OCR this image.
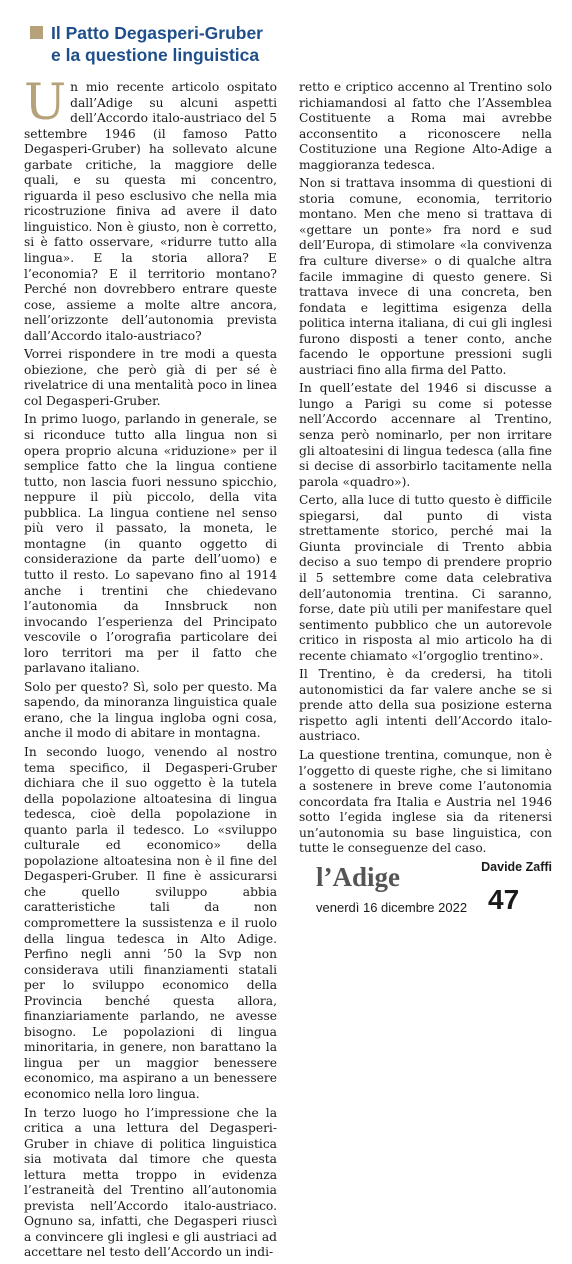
Il Patto Degasperi-Gruber
e la questione linguistica
U n mio recente articolo ospitato dall’Adige su alcuni aspetti dell’Accordo italo-austriaco del 5 settembre 1946 (il famoso Patto Degasperi-Gruber) ha sollevato alcune garbate critiche, la maggiore delle quali, e su questa mi concentro, riguarda il peso esclusivo che nella mia ricostruzione finiva ad avere il dato linguistico. Non è giusto, non è corretto, si è fatto osservare, «ridurre tutto alla lingua». E la storia allora? E l’economia? E il territorio montano? Perché non dovrebbero entrare queste cose, assieme a molte altre ancora, nell’orizzonte dell’autonomia prevista dall’Accordo italo-austriaco?

Vorrei rispondere in tre modi a questa obiezione, che però già di per sé è rivelatrice di una mentalità poco in linea col Degasperi-Gruber.

In primo luogo, parlando in generale, se si riconduce tutto alla lingua non si opera proprio alcuna «riduzione» per il semplice fatto che la lingua contiene tutto, non lascia fuori nessuno spicchio, neppure il più piccolo, della vita pubblica. La lingua contiene nel senso più vero il passato, la moneta, le montagne (in quanto oggetto di considerazione da parte dell’uomo) e tutto il resto. Lo sapevano fino al 1914 anche i trentini che chiedevano l’autonomia da Innsbruck non invocando l’esperienza del Principato vescovile o l’orografia particolare dei loro territori ma per il fatto che parlavano italiano.

Solo per questo? Sì, solo per questo. Ma sapendo, da minoranza linguistica quale erano, che la lingua ingloba ogni cosa, anche il modo di abitare in montagna.

In secondo luogo, venendo al nostro tema specifico, il Degasperi-Gruber dichiara che il suo oggetto è la tutela della popolazione altoatesina di lingua tedesca, cioè della popolazione in quanto parla il tedesco. Lo «sviluppo culturale ed economico» della popolazione altoatesina non è il fine del Degasperi-Gruber. Il fine è assicurarsi che quello sviluppo abbia caratteristiche tali da non compromettere la sussistenza e il ruolo della lingua tedesca in Alto Adige. Perfino negli anni ’50 la Svp non considerava utili finanziamenti statali per lo sviluppo economico della Provincia benché questa allora, finanziariamente parlando, ne avesse bisogno. Le popolazioni di lingua minoritaria, in genere, non barattano la lingua per un maggior benessere economico, ma aspirano a un benessere economico nella loro lingua.

In terzo luogo ho l’impressione che la critica a una lettura del Degasperi-Gruber in chiave di politica linguistica sia motivata dal timore che questa lettura metta troppo in evidenza l’estraneità del Trentino all’autonomia prevista nell’Accordo italo-austriaco. Ognuno sa, infatti, che Degasperi riuscì a convincere gli inglesi e gli austriaci ad accettare nel testo dell’Accordo un indi-

retto e criptico accenno al Trentino solo richiamandosi al fatto che l’Assemblea Costituente a Roma mai avrebbe acconsentito a riconoscere nella Costituzione una Regione Alto-Adige a maggioranza tedesca.

Non si trattava insomma di questioni di storia comune, economia, territorio montano. Men che meno si trattava di «gettare un ponte» fra nord e sud dell’Europa, di stimolare «la convivenza fra culture diverse» o di qualche altra facile immagine di questo genere. Si trattava invece di una concreta, ben fondata e legittima esigenza della politica interna italiana, di cui gli inglesi furono disposti a tener conto, anche facendo le opportune pressioni sugli austriaci fino alla firma del Patto.

In quell’estate del 1946 si discusse a lungo a Parigi su come si potesse nell’Accordo accennare al Trentino, senza però nominarlo, per non irritare gli altoatesini di lingua tedesca (alla fine si decise di assorbirlo tacitamente nella parola «quadro»).

Certo, alla luce di tutto questo è difficile spiegarsi, dal punto di vista strettamente storico, perché mai la Giunta provinciale di Trento abbia deciso a suo tempo di prendere proprio il 5 settembre come data celebrativa dell’autonomia trentina. Ci saranno, forse, date più utili per manifestare quel sentimento pubblico che un autorevole critico in risposta al mio articolo ha di recente chiamato «l’orgoglio trentino».

Il Trentino, è da credersi, ha titoli autonomistici da far valere anche se si prende atto della sua posizione esterna rispetto agli intenti dell’Accordo italo-austriaco.

La questione trentina, comunque, non è l’oggetto di queste righe, che si limitano a sostenere in breve come l’autonomia concordata fra Italia e Austria nel 1946 sotto l’egida inglese sia da ritenersi un’autonomia su base linguistica, con tutte le conseguenze del caso.

Davide Zaffi
l’Adige
venerdì 16 dicembre 2022 47
